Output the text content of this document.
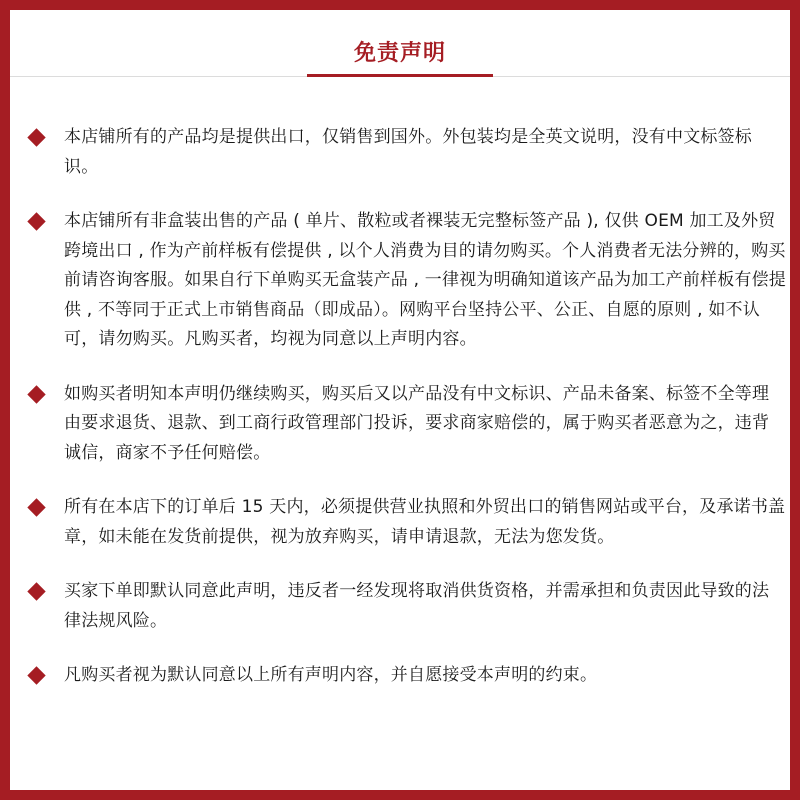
免责声明
本店铺所有的产品均是提供出口，仅销售到国外。外包装均是全英文说明，没有中文标签标识。
本店铺所有非盒装出售的产品 ( 单片、散粒或者裸装无完整标签产品 ), 仅供 OEM 加工及外贸跨境出口 , 作为产前样板有偿提供 , 以个人消费为目的请勿购买。个人消费者无法分辨的，购买前请咨询客服。如果自行下单购买无盒装产品 , 一律视为明确知道该产品为加工产前样板有偿提供 , 不等同于正式上市销售商品（即成品）。网购平台坚持公平、公正、自愿的原则 , 如不认可，请勿购买。凡购买者，均视为同意以上声明内容。
如购买者明知本声明仍继续购买，购买后又以产品没有中文标识、产品未备案、标签不全等理由要求退货、退款、到工商行政管理部门投诉，要求商家赔偿的，属于购买者恶意为之，违背诚信，商家不予任何赔偿。
所有在本店下的订单后 15 天内，必须提供营业执照和外贸出口的销售网站或平台，及承诺书盖章，如未能在发货前提供，视为放弃购买，请申请退款，无法为您发货。
买家下单即默认同意此声明，违反者一经发现将取消供货资格，并需承担和负责因此导致的法律法规风险。
凡购买者视为默认同意以上所有声明内容，并自愿接受本声明的约束。
